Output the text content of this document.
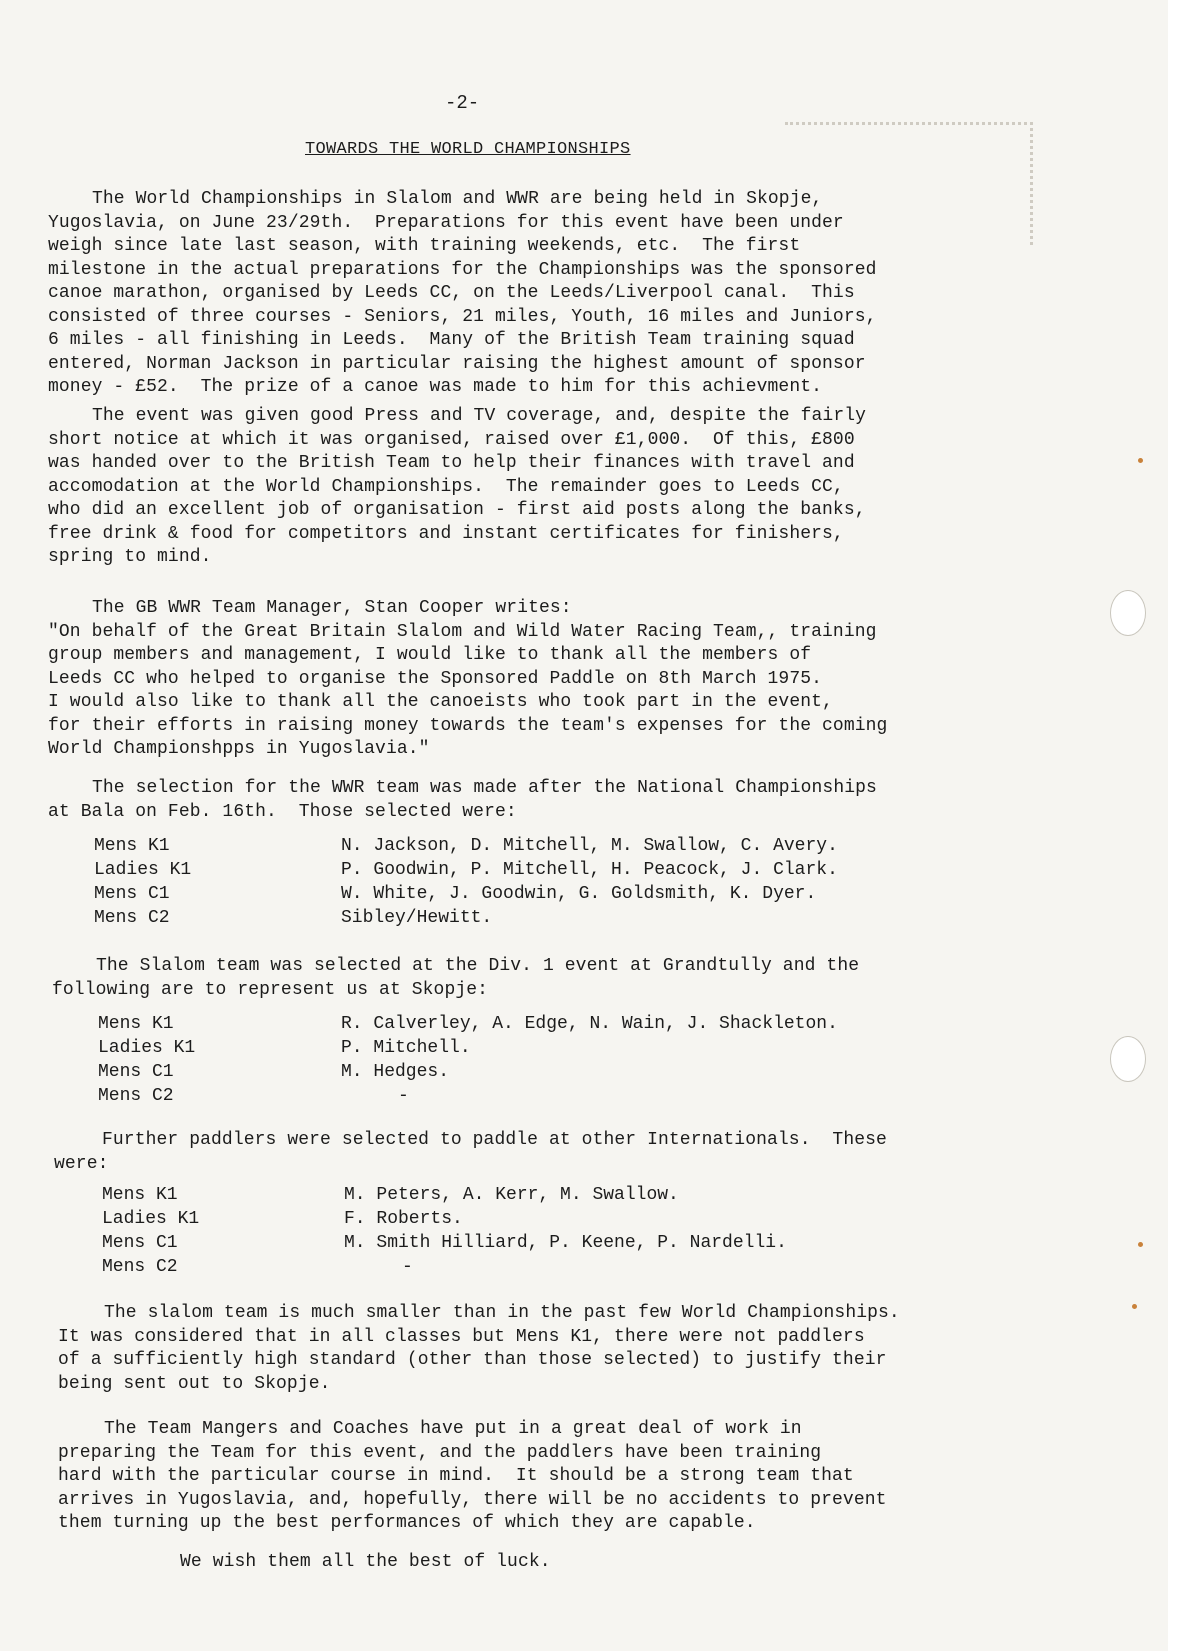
-2-
TOWARDS THE WORLD CHAMPIONSHIPS
The World Championships in Slalom and WWR are being held in Skopje,
Yugoslavia, on June 23/29th.  Preparations for this event have been under
weigh since late last season, with training weekends, etc.  The first
milestone in the actual preparations for the Championships was the sponsored
canoe marathon, organised by Leeds CC, on the Leeds/Liverpool canal.  This
consisted of three courses - Seniors, 21 miles, Youth, 16 miles and Juniors,
6 miles - all finishing in Leeds.  Many of the British Team training squad
entered, Norman Jackson in particular raising the highest amount of sponsor
money - £52.  The prize of a canoe was made to him for this achievment.
The event was given good Press and TV coverage, and, despite the fairly
short notice at which it was organised, raised over £1,000.  Of this, £800
was handed over to the British Team to help their finances with travel and
accomodation at the World Championships.  The remainder goes to Leeds CC,
who did an excellent job of organisation - first aid posts along the banks,
free drink & food for competitors and instant certificates for finishers,
spring to mind.
The GB WWR Team Manager, Stan Cooper writes:
"On behalf of the Great Britain Slalom and Wild Water Racing Team,, training
group members and management, I would like to thank all the members of
Leeds CC who helped to organise the Sponsored Paddle on 8th March 1975.
I would also like to thank all the canoeists who took part in the event,
for their efforts in raising money towards the team's expenses for the coming
World Championshpps in Yugoslavia."
The selection for the WWR team was made after the National Championships
at Bala on Feb. 16th.  Those selected were:
Mens K1	N. Jackson, D. Mitchell, M. Swallow, C. Avery.
Ladies K1	P. Goodwin, P. Mitchell, H. Peacock, J. Clark.
Mens C1	W. White, J. Goodwin, G. Goldsmith, K. Dyer.
Mens C2	Sibley/Hewitt.
The Slalom team was selected at the Div. 1 event at Grandtully and the
following are to represent us at Skopje:
Mens K1	R. Calverley, A. Edge, N. Wain, J. Shackleton.
Ladies K1	P. Mitchell.
Mens C1	M. Hedges.
Mens C2	-
Further paddlers were selected to paddle at other Internationals.  These
were:
Mens K1	M. Peters, A. Kerr, M. Swallow.
Ladies K1	F. Roberts.
Mens C1	M. Smith Hilliard, P. Keene, P. Nardelli.
Mens C2	-
The slalom team is much smaller than in the past few World Championships.
It was considered that in all classes but Mens K1, there were not paddlers
of a sufficiently high standard (other than those selected) to justify their
being sent out to Skopje.
The Team Mangers and Coaches have put in a great deal of work in
preparing the Team for this event, and the paddlers have been training
hard with the particular course in mind.  It should be a strong team that
arrives in Yugoslavia, and, hopefully, there will be no accidents to prevent
them turning up the best performances of which they are capable.
We wish them all the best of luck.
